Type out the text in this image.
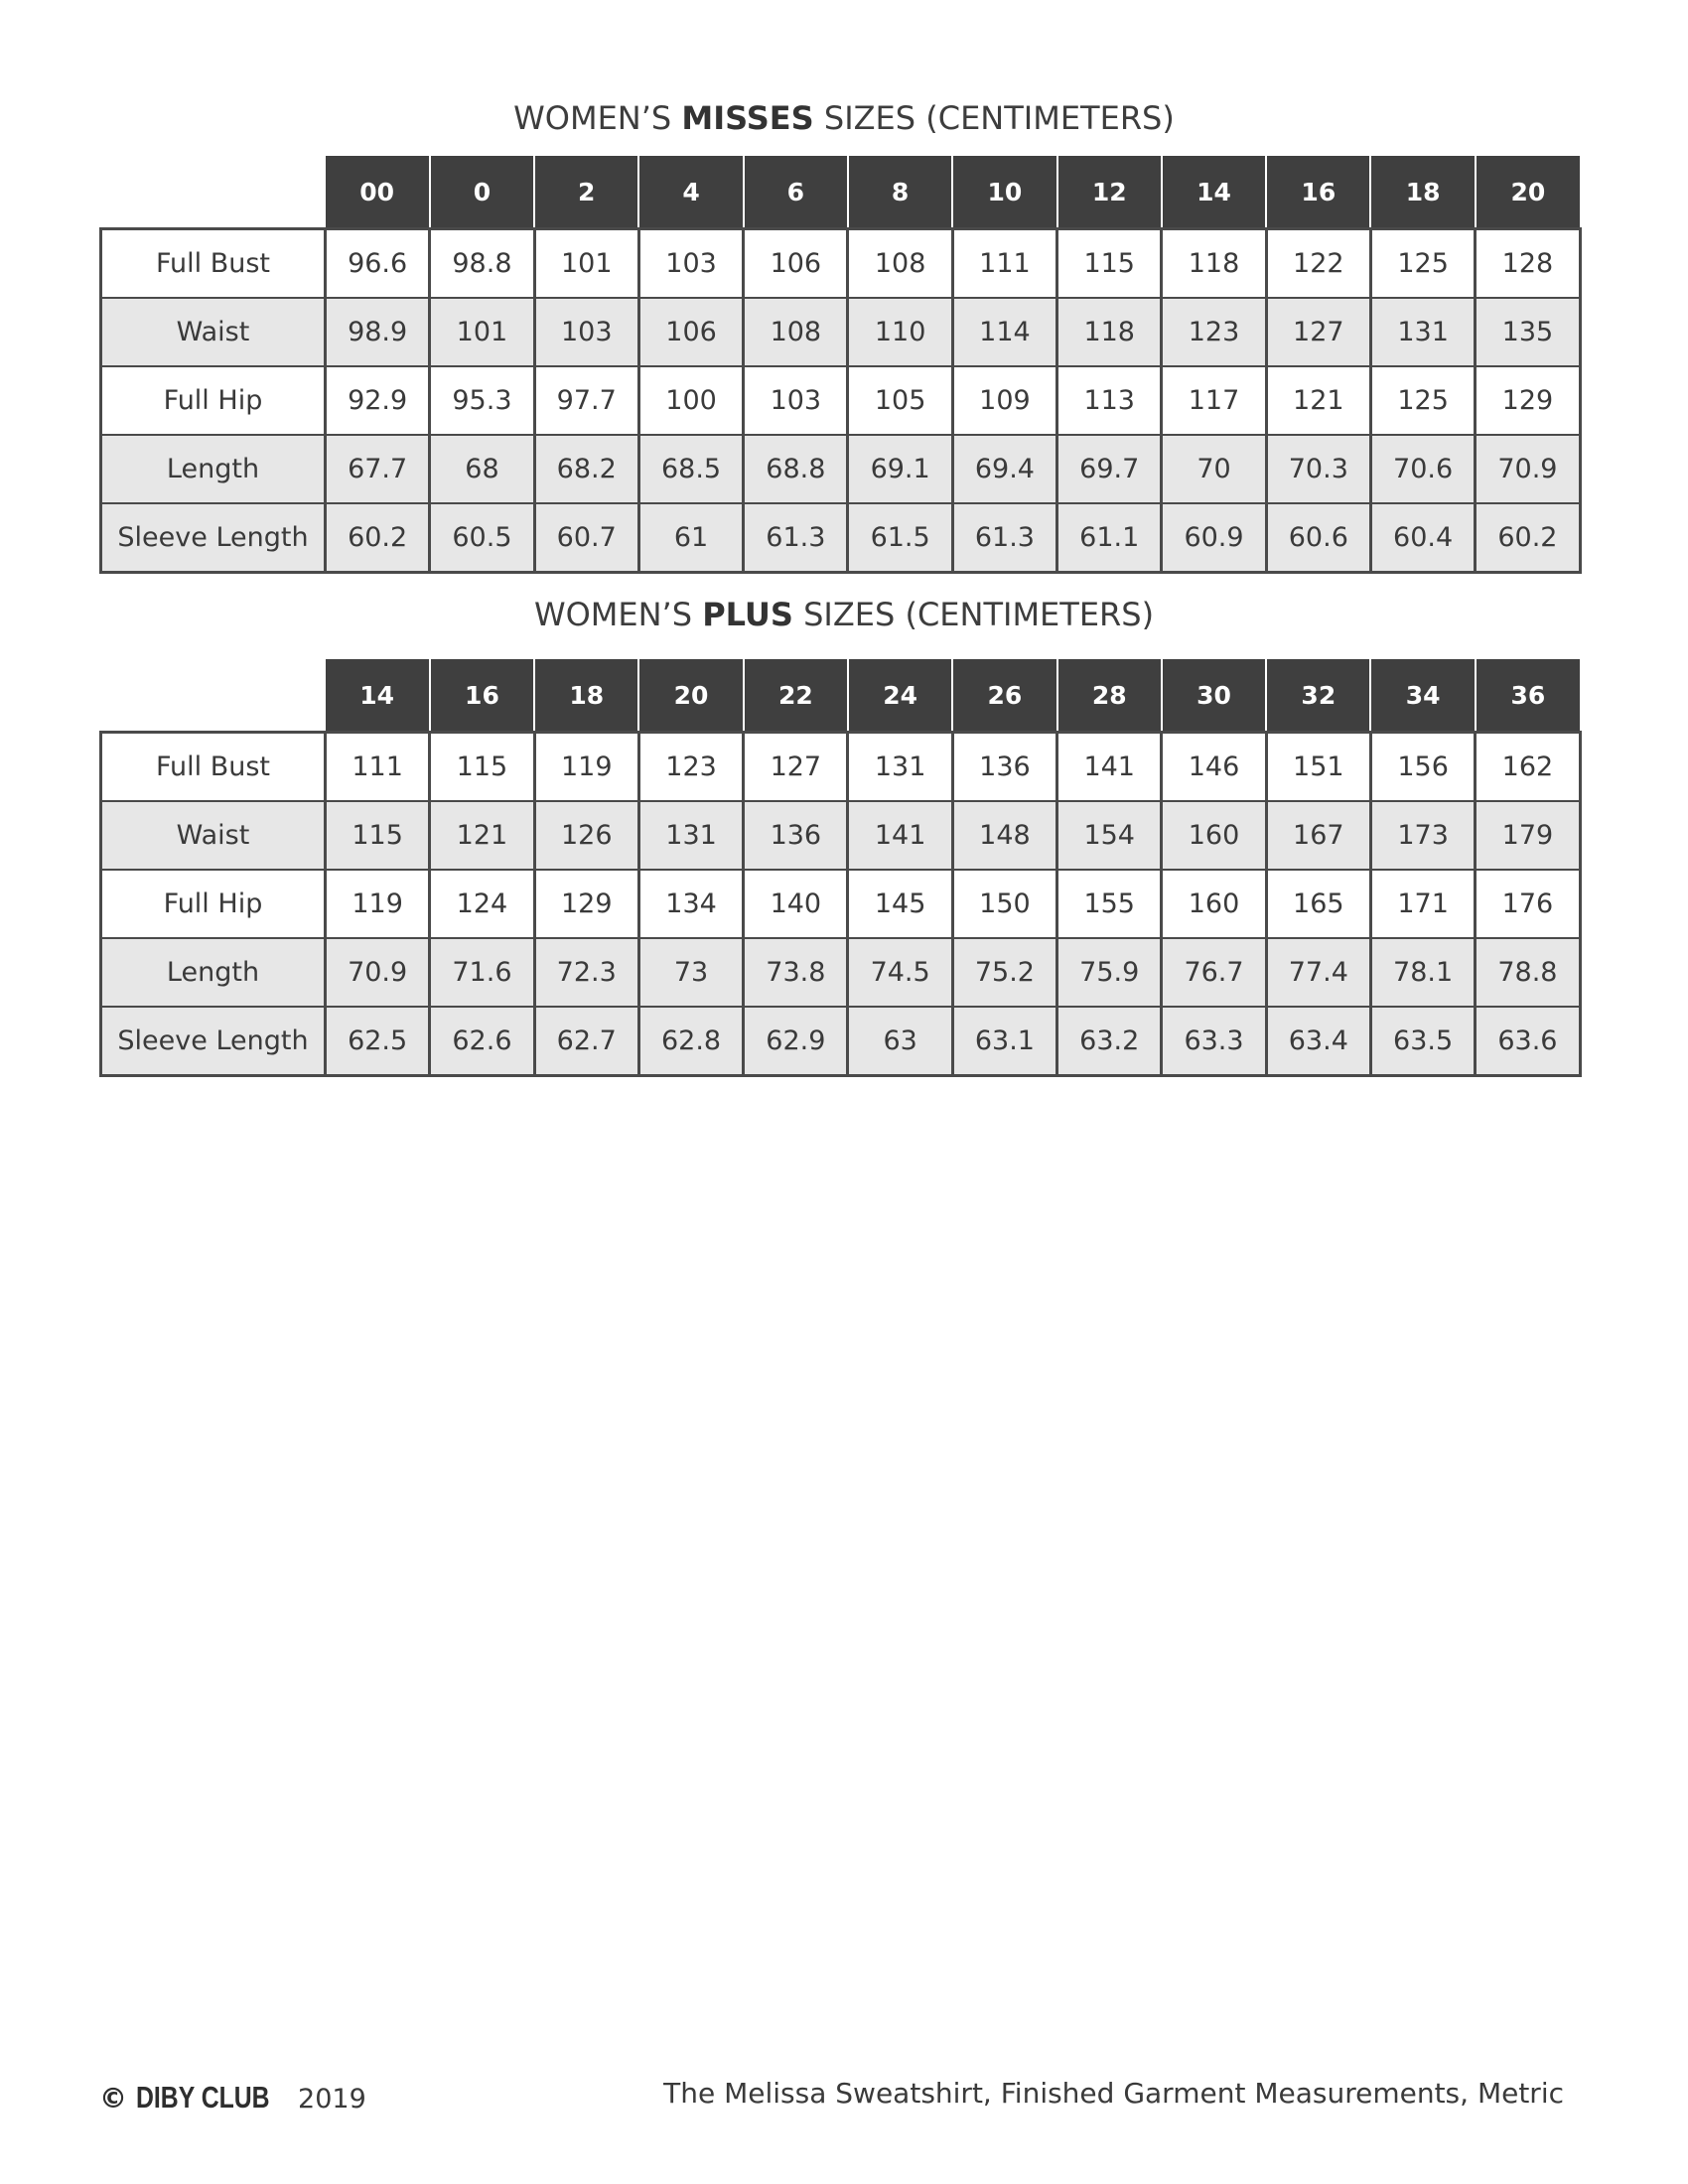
WOMEN’S MISSES SIZES (CENTIMETERS)
	00	0	2	4	6	8	10	12	14	16	18	20
Full Bust	96.6	98.8	101	103	106	108	111	115	118	122	125	128
Waist	98.9	101	103	106	108	110	114	118	123	127	131	135
Full Hip	92.9	95.3	97.7	100	103	105	109	113	117	121	125	129
Length	67.7	68	68.2	68.5	68.8	69.1	69.4	69.7	70	70.3	70.6	70.9
Sleeve Length	60.2	60.5	60.7	61	61.3	61.5	61.3	61.1	60.9	60.6	60.4	60.2
WOMEN’S PLUS SIZES (CENTIMETERS)
	14	16	18	20	22	24	26	28	30	32	34	36
Full Bust	111	115	119	123	127	131	136	141	146	151	156	162
Waist	115	121	126	131	136	141	148	154	160	167	173	179
Full Hip	119	124	129	134	140	145	150	155	160	165	171	176
Length	70.9	71.6	72.3	73	73.8	74.5	75.2	75.9	76.7	77.4	78.1	78.8
Sleeve Length	62.5	62.6	62.7	62.8	62.9	63	63.1	63.2	63.3	63.4	63.5	63.6
© DIBY CLUB 2019	The Melissa Sweatshirt, Finished Garment Measurements, Metric
